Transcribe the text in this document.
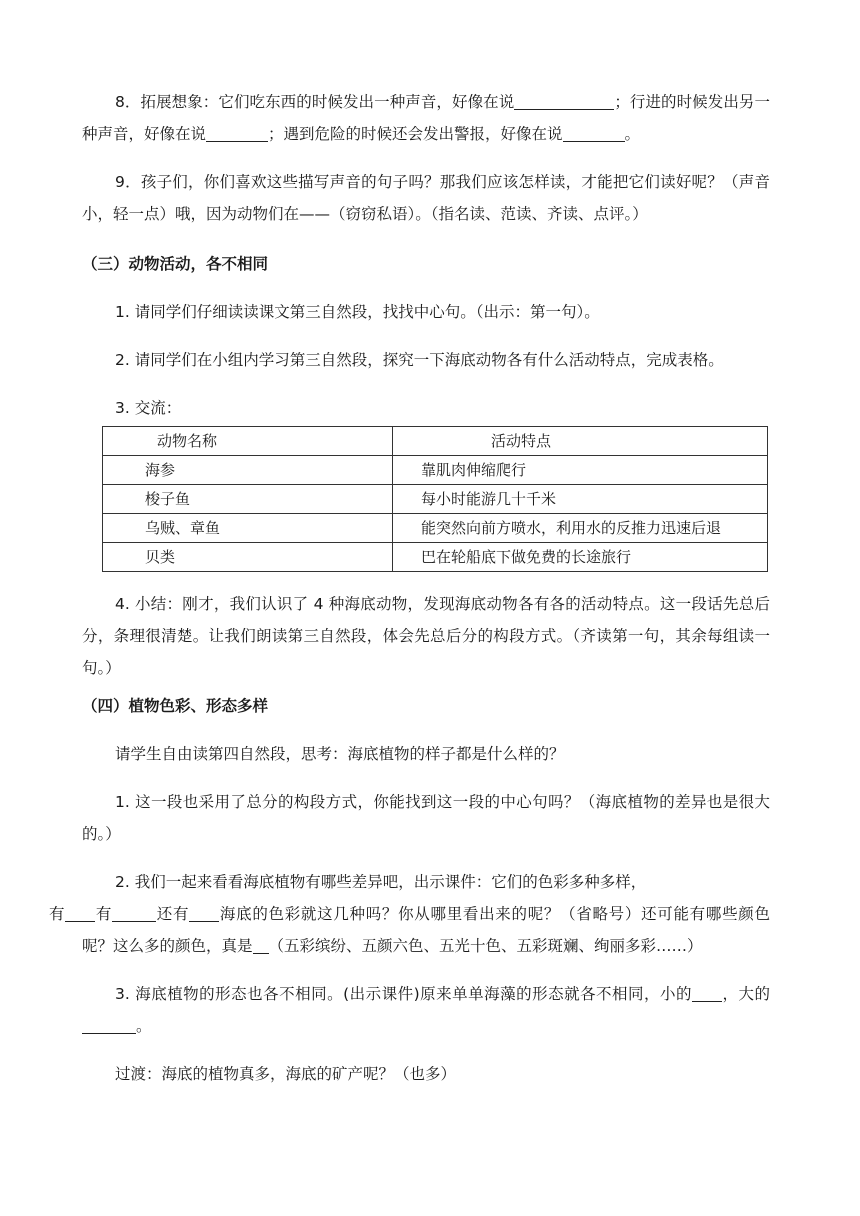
8．拓展想象：它们吃东西的时候发出一种声音，好像在说	；行进的时候发出另一种声音，好像在说	；遇到危险的时候还会发出警报，好像在说	。

9．孩子们，你们喜欢这些描写声音的句子吗？那我们应该怎样读，才能把它们读好呢？（声音小，轻一点）哦，因为动物们在——（窃窃私语）。（指名读、范读、齐读、点评。）

（三）动物活动，各不相同

1. 请同学们仔细读读课文第三自然段，找找中心句。（出示：第一句）。

2. 请同学们在小组内学习第三自然段，探究一下海底动物各有什么活动特点，完成表格。

3. 交流：

动物名称	活动特点
海参	靠肌肉伸缩爬行
梭子鱼	每小时能游几十千米
乌贼、章鱼	能突然向前方喷水，利用水的反推力迅速后退
贝类	巴在轮船底下做免费的长途旅行

4. 小结：刚才，我们认识了 4 种海底动物，发现海底动物各有各的活动特点。这一段话先总后分，条理很清楚。让我们朗读第三自然段，体会先总后分的构段方式。（齐读第一句，其余每组读一句。）

（四）植物色彩、形态多样

请学生自由读第四自然段，思考：海底植物的样子都是什么样的？

1. 这一段也采用了总分的构段方式，你能找到这一段的中心句吗？（海底植物的差异也是很大的。）

2. 我们一起来看看海底植物有哪些差异吧，出示课件：它们的色彩多种多样，
有 有	还有 海底的色彩就这几种吗？你从哪里看出来的呢？（省略号）还可能有哪些颜色呢？这么多的颜色，真是 （五彩缤纷、五颜六色、五光十色、五彩斑斓、绚丽多彩……）

3. 海底植物的形态也各不相同。(出示课件)原来单单海藻的形态就各不相同，小的 ，大的。

过渡：海底的植物真多，海底的矿产呢？（也多）
